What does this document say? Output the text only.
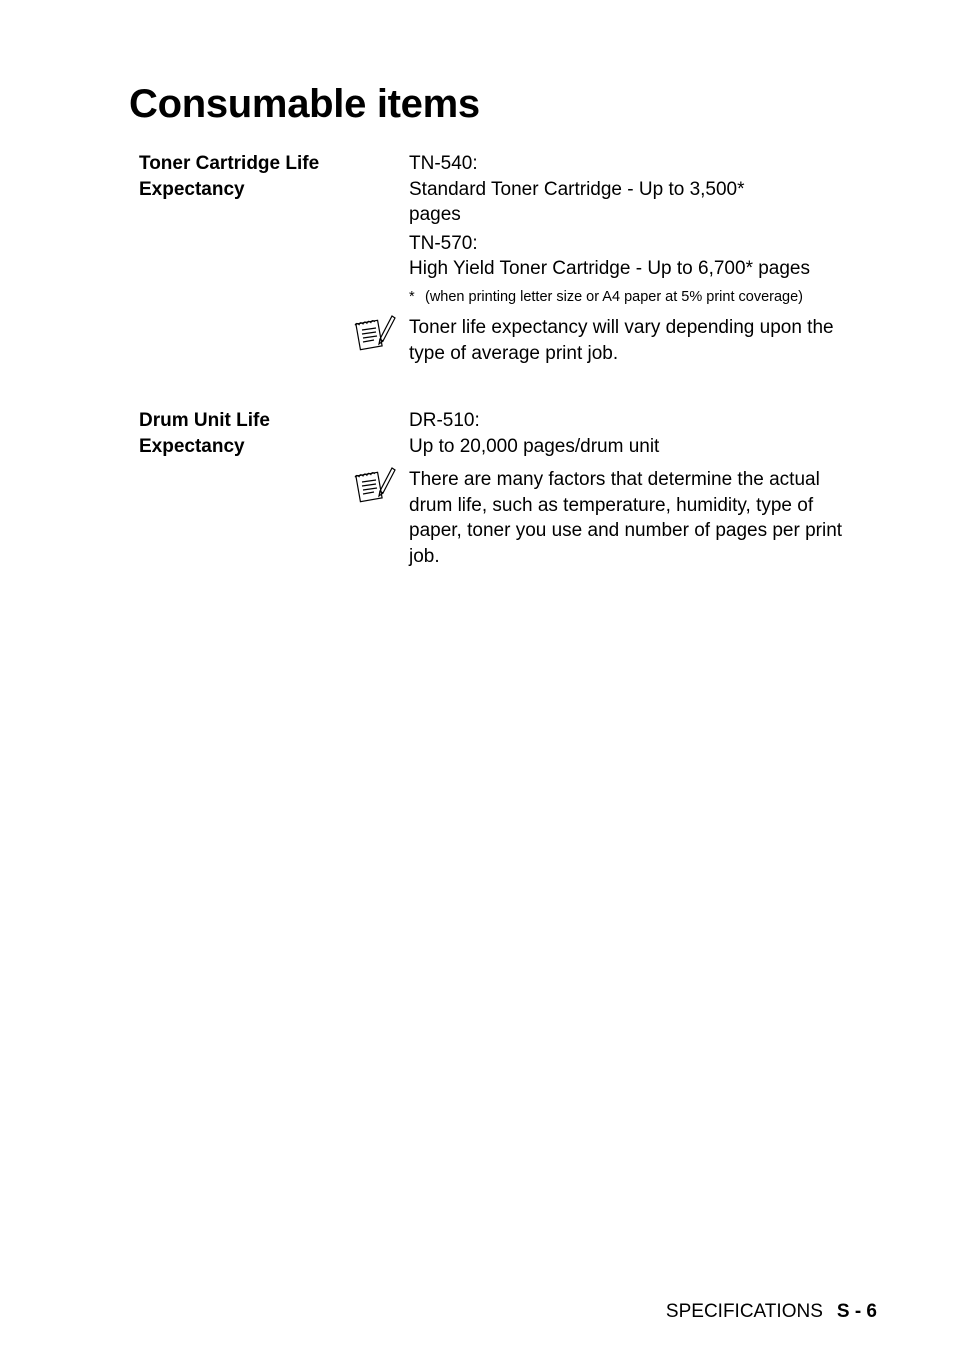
Consumable items
Toner Cartridge Life
Expectancy
TN-540:
Standard Toner Cartridge - Up to 3,500*
pages
TN-570:
High Yield Toner Cartridge - Up to 6,700* pages
* (when printing letter size or A4 paper at 5% print coverage)
Toner life expectancy will vary depending upon the
type of average print job.
Drum Unit Life
Expectancy
DR-510:
Up to 20,000 pages/drum unit
There are many factors that determine the actual
drum life, such as temperature, humidity, type of
paper, toner you use and number of pages per print
job.
SPECIFICATIONS S - 6
